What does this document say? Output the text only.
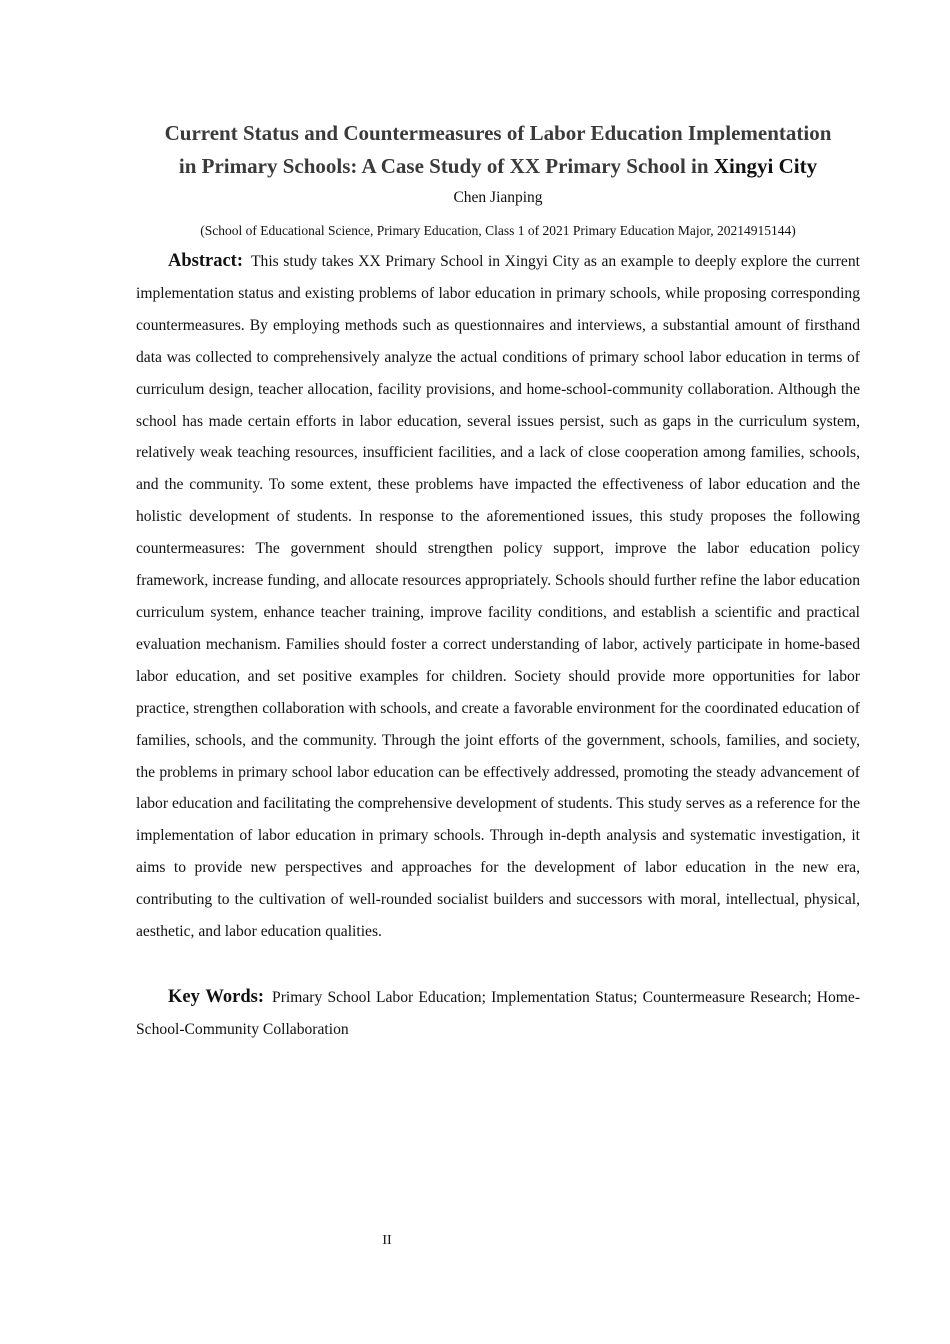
Current Status and Countermeasures of Labor Education Implementation
in Primary Schools: A Case Study of XX Primary School in Xingyi City
Chen Jianping
(School of Educational Science, Primary Education, Class 1 of 2021 Primary Education Major, 20214915144)

Abstract: This study takes XX Primary School in Xingyi City as an example to deeply explore the current implementation status and existing problems of labor education in primary schools, while proposing corresponding countermeasures. By employing methods such as questionnaires and interviews, a substantial amount of firsthand data was collected to comprehensively analyze the actual conditions of primary school labor education in terms of curriculum design, teacher allocation, facility provisions, and home-school-community collaboration. Although the school has made certain efforts in labor education, several issues persist, such as gaps in the curriculum system, relatively weak teaching resources, insufficient facilities, and a lack of close cooperation among families, schools, and the community. To some extent, these problems have impacted the effectiveness of labor education and the holistic development of students. In response to the aforementioned issues, this study proposes the following countermeasures: The government should strengthen policy support, improve the labor education policy framework, increase funding, and allocate resources appropriately. Schools should further refine the labor education curriculum system, enhance teacher training, improve facility conditions, and establish a scientific and practical evaluation mechanism. Families should foster a correct understanding of labor, actively participate in home-based labor education, and set positive examples for children. Society should provide more opportunities for labor practice, strengthen collaboration with schools, and create a favorable environment for the coordinated education of families, schools, and the community. Through the joint efforts of the government, schools, families, and society, the problems in primary school labor education can be effectively addressed, promoting the steady advancement of labor education and facilitating the comprehensive development of students. This study serves as a reference for the implementation of labor education in primary schools. Through in-depth analysis and systematic investigation, it aims to provide new perspectives and approaches for the development of labor education in the new era, contributing to the cultivation of well-rounded socialist builders and successors with moral, intellectual, physical, aesthetic, and labor education qualities.

Key Words: Primary School Labor Education; Implementation Status; Countermeasure Research; Home-School-Community Collaboration

II
